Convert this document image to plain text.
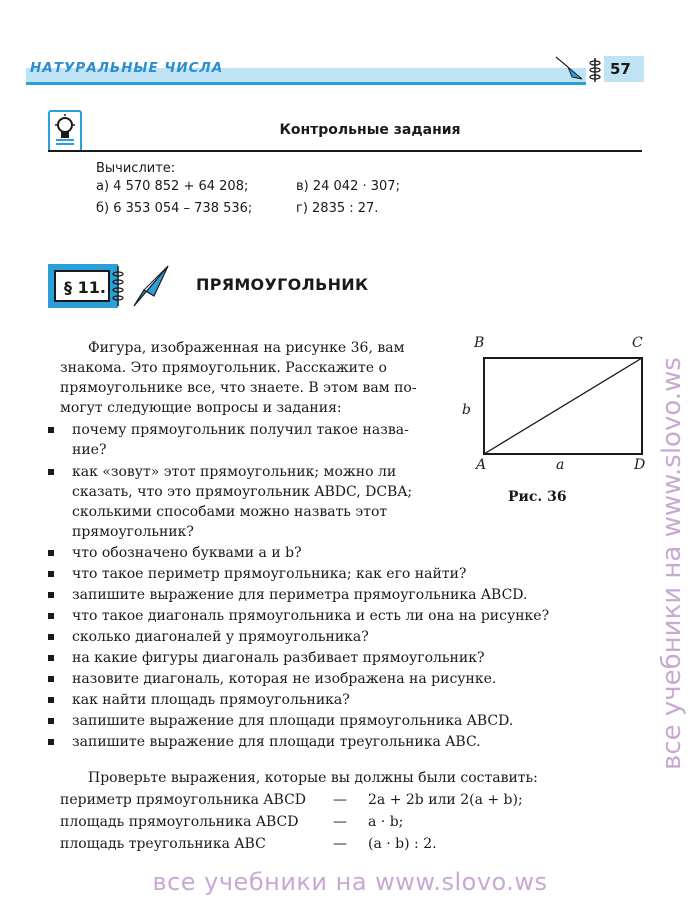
НАТУРАЛЬНЫЕ ЧИСЛА	57
Контрольные задания
Вычислите:
а) 4 570 852 + 64 208;
б) 6 353 054 – 738 536;
в) 24 042 · 307;
г) 2835 : 27.
§ 11.	ПРЯМОУГОЛЬНИК
Фигура, изображенная на рисунке 36, вам
знакома. Это прямоугольник. Расскажите о
прямоугольнике все, что знаете. В этом вам по-
могут следующие вопросы и задания:
почему прямоугольник получил такое назва-
ние?
как «зовут» этот прямоугольник; можно ли
сказать, что это прямоугольник ABDC, DCBA;
сколькими способами можно назвать этот
прямоугольник?
что обозначено буквами a и b?
что такое периметр прямоугольника; как его найти?
запишите выражение для периметра прямоугольника ABCD.
что такое диагональ прямоугольника и есть ли она на рисунке?
сколько диагоналей у прямоугольника?
на какие фигуры диагональ разбивает прямоугольник?
назовите диагональ, которая не изображена на рисунке.
как найти площадь прямоугольника?
запишите выражение для площади прямоугольника ABCD.
запишите выражение для площади треугольника ABC.
B	C
A	D
a
b
Рис. 36
Проверьте выражения, которые вы должны были составить:
периметр прямоугольника ABCD — 2a + 2b или 2(a + b);
площадь прямоугольника ABCD — a · b;
площадь треугольника ABC	— (a · b) : 2.
все учебники на www.slovo.ws
все учебники на www.slovo.ws
